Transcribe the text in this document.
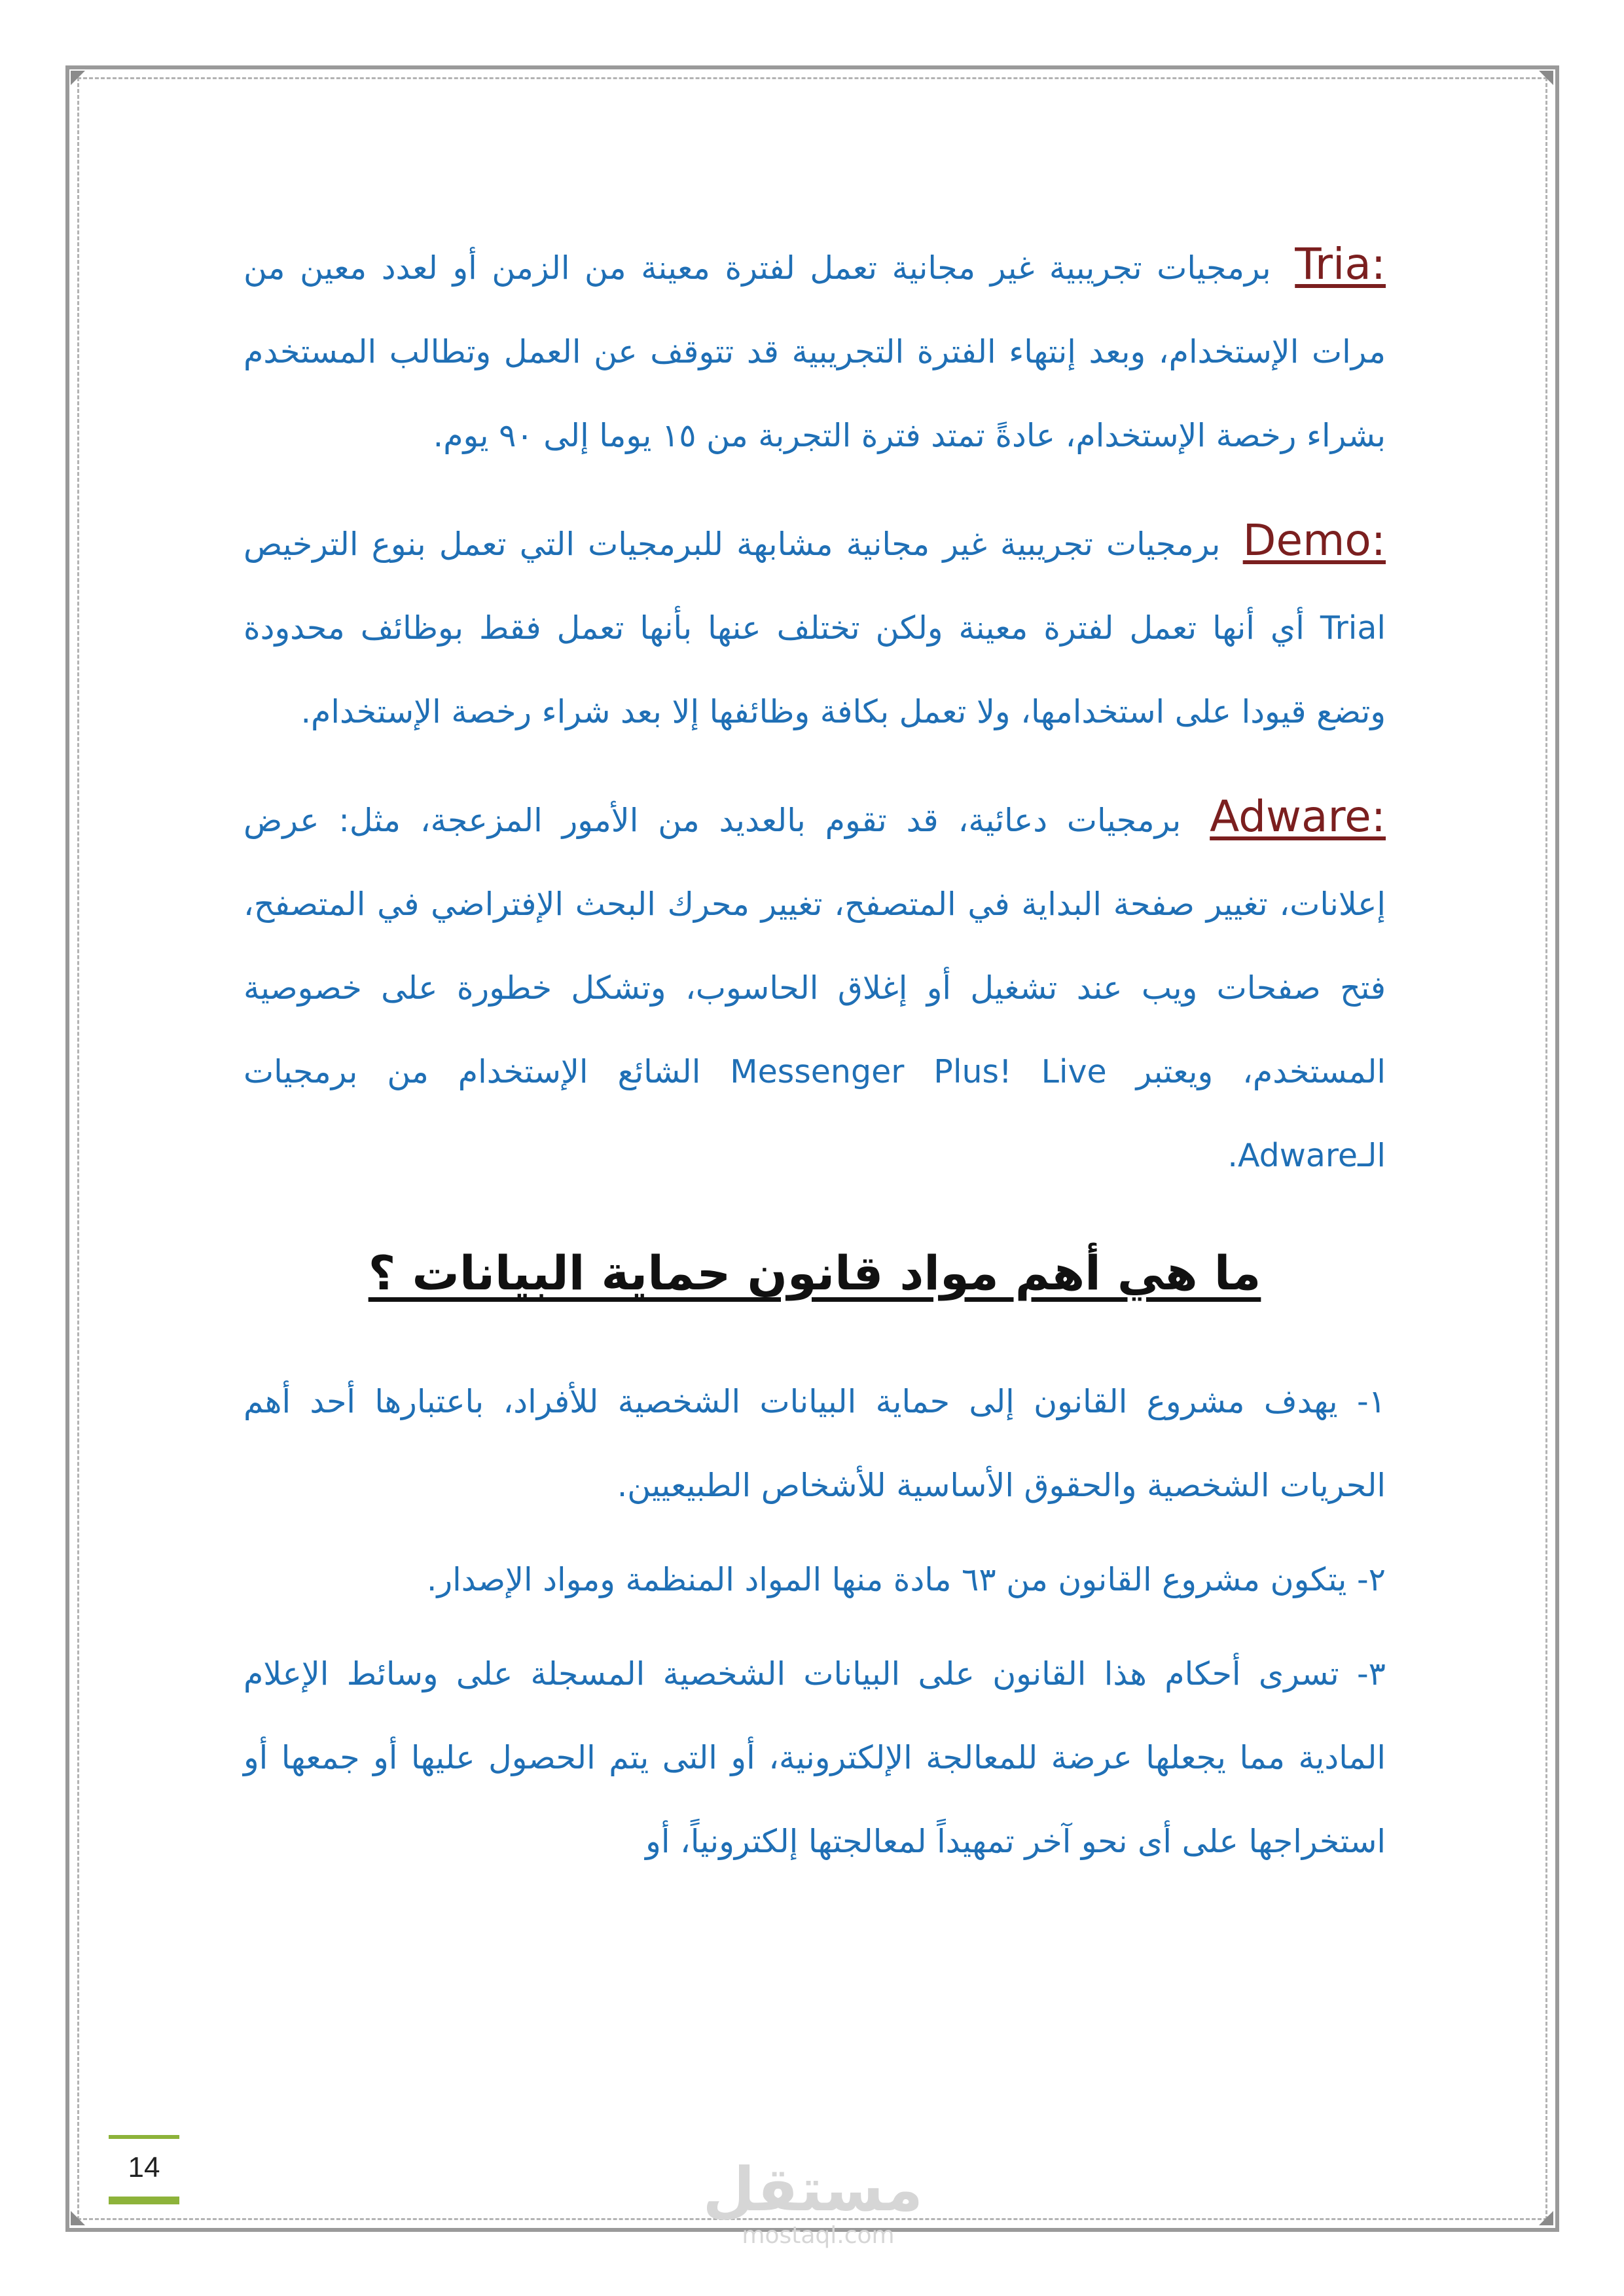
Tria: برمجيات تجريبية غير مجانية تعمل لفترة معينة من الزمن أو لعدد معين من مرات الإستخدام، وبعد إنتهاء الفترة التجريبية قد تتوقف عن العمل وتطالب المستخدم بشراء رخصة الإستخدام، عادةً تمتد فترة التجربة من ١٥ يوما إلى ٩٠ يوم.

Demo: برمجيات تجريبية غير مجانية مشابهة للبرمجيات التي تعمل بنوع الترخيص Trial أي أنها تعمل لفترة معينة ولكن تختلف عنها بأنها تعمل فقط بوظائف محدودة وتضع قيودا على استخدامها، ولا تعمل بكافة وظائفها إلا بعد شراء رخصة الإستخدام.

Adware: برمجيات دعائية، قد تقوم بالعديد من الأمور المزعجة، مثل: عرض إعلانات، تغيير صفحة البداية في المتصفح، تغيير محرك البحث الإفتراضي في المتصفح، فتح صفحات ويب عند تشغيل أو إغلاق الحاسوب، وتشكل خطورة على خصوصية المستخدم، ويعتبر Messenger Plus! Live الشائع الإستخدام من برمجيات الـAdware.

ما هي أهم مواد قانون حماية البيانات ؟

١- يهدف مشروع القانون إلى حماية البيانات الشخصية للأفراد، باعتبارها أحد أهم الحريات الشخصية والحقوق الأساسية للأشخاص الطبيعيين.

٢- يتكون مشروع القانون من ٦٣ مادة منها المواد المنظمة ومواد الإصدار.

٣- تسرى أحكام هذا القانون على البيانات الشخصية المسجلة على وسائط الإعلام المادية مما يجعلها عرضة للمعالجة الإلكترونية، أو التى يتم الحصول عليها أو جمعها أو استخراجها على أى نحو آخر تمهيداً لمعالجتها إلكترونياً، أو

14	مستقل
mostaql.com
